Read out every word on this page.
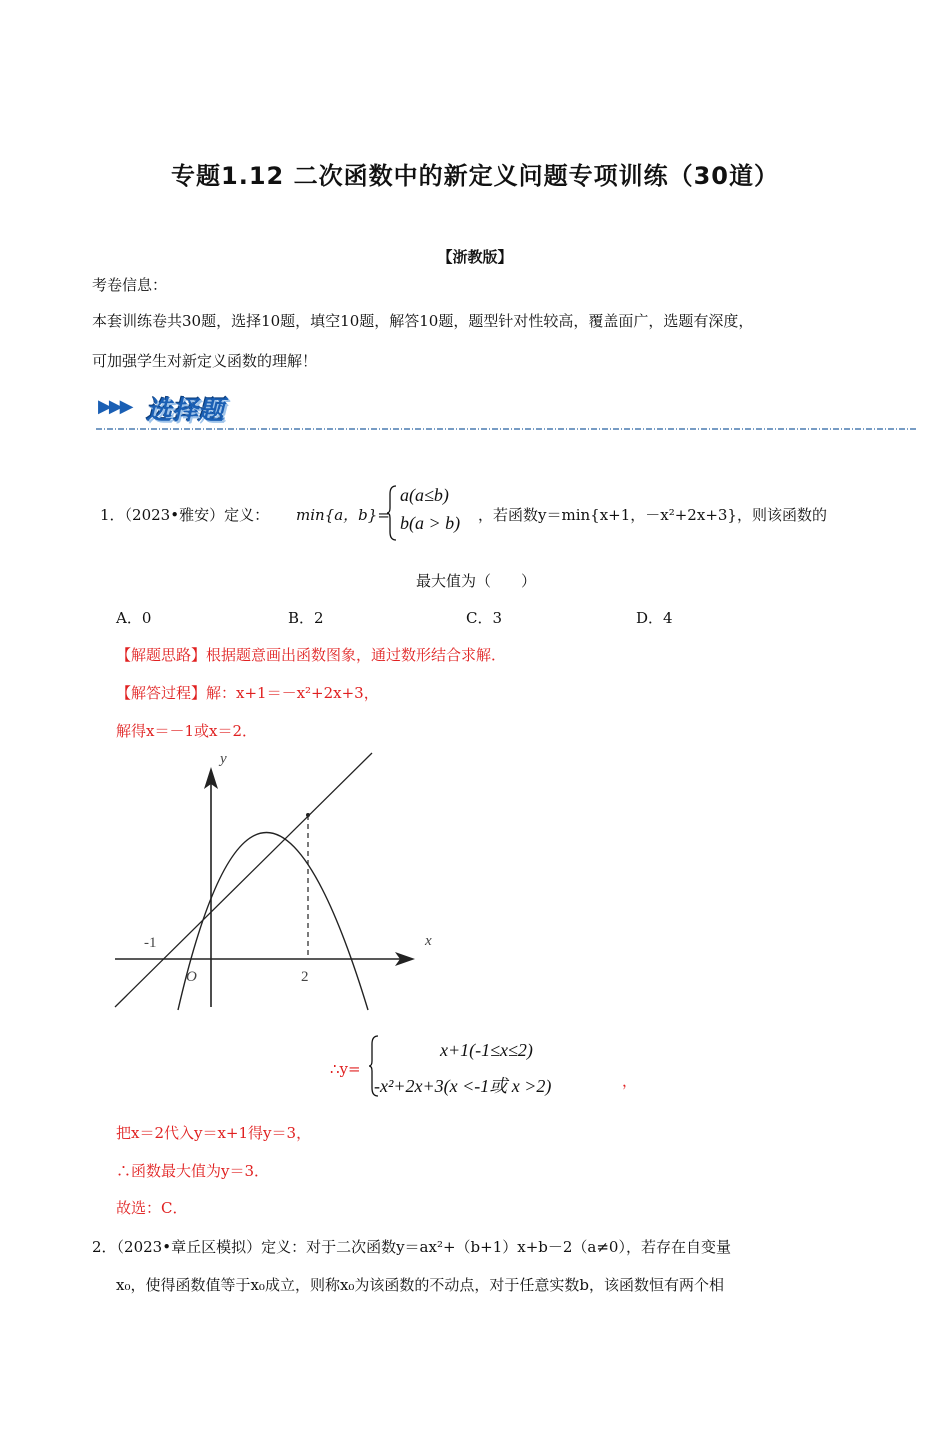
专题1.12 二次函数中的新定义问题专项训练（30道）
【浙教版】
考卷信息：
本套训练卷共30题，选择10题，填空10题，解答10题，题型针对性较高，覆盖面广，选题有深度，
可加强学生对新定义函数的理解！
▶▶▶ 选择题
1．（2023•雅安）定义： min{a，b}=
a(a≤b)
b(a > b) ，若函数y＝min{x+1，－x²+2x+3}，则该函数的
最大值为（　　）
A．0	B．2	C．3	D．4
【解题思路】根据题意画出函数图象，通过数形结合求解．
【解答过程】解：x+1＝－x²+2x+3，
解得x＝－1或x＝2．
y
x
O
-1
2
∴y=
x+1(-1≤x≤2)
-x²+2x+3(x <-1或 x >2)	，
把x＝2代入y＝x+1得y＝3，
∴函数最大值为y＝3．
故选：C．
2．（2023•章丘区模拟）定义：对于二次函数y＝ax²+（b+1）x+b－2（a≠0），若存在自变量
x₀，使得函数值等于x₀成立，则称x₀为该函数的不动点，对于任意实数b，该函数恒有两个相
